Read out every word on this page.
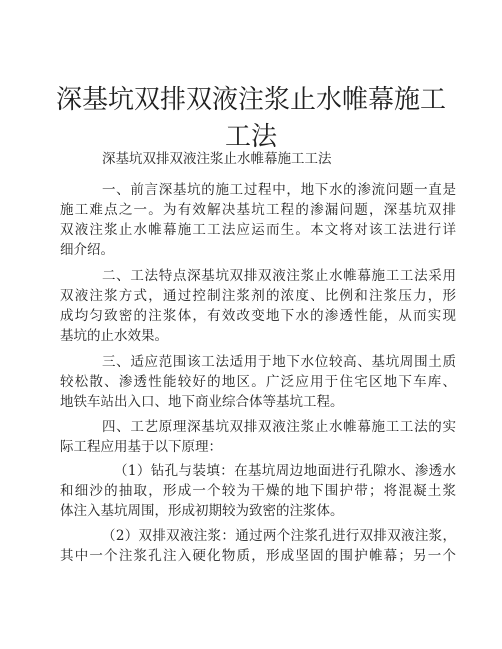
深基坑双排双液注浆止水帷幕施工
工法
深基坑双排双液注浆止水帷幕施工工法
一、前言深基坑的施工过程中，地下水的渗流问题一直是
施工难点之一。为有效解决基坑工程的渗漏问题，深基坑双排
双液注浆止水帷幕施工工法应运而生。本文将对该工法进行详
细介绍。
二、工法特点深基坑双排双液注浆止水帷幕施工工法采用
双液注浆方式，通过控制注浆剂的浓度、比例和注浆压力，形
成均匀致密的注浆体，有效改变地下水的渗透性能，从而实现
基坑的止水效果。
三、适应范围该工法适用于地下水位较高、基坑周围土质
较松散、渗透性能较好的地区。广泛应用于住宅区地下车库、
地铁车站出入口、地下商业综合体等基坑工程。
四、工艺原理深基坑双排双液注浆止水帷幕施工工法的实
际工程应用基于以下原理：
（1）钻孔与装填：在基坑周边地面进行孔隙水、渗透水
和细沙的抽取，形成一个较为干燥的地下围护带；将混凝土浆
体注入基坑周围，形成初期较为致密的注浆体。
（2）双排双液注浆：通过两个注浆孔进行双排双液注浆，
其中一个注浆孔注入硬化物质，形成坚固的围护帷幕；另一个
